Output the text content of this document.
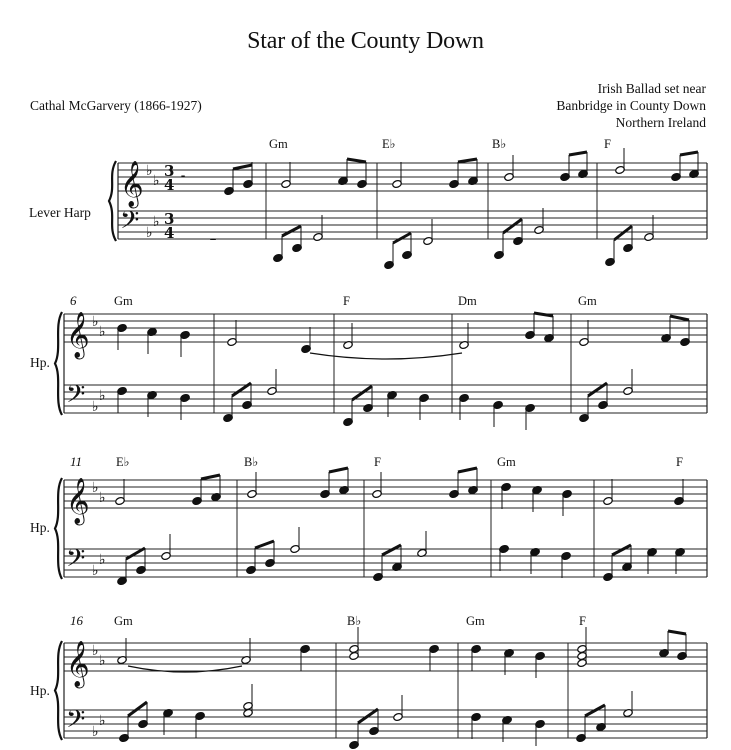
Star of the County Down
Cathal McGarvery (1866-1927)
Irish Ballad set near
Banbridge in County Down
Northern Ireland
Lever Harp
Hp.
Hp.
Hp.
𝄞
𝄢
♭
♭
♭
♭
3
4
3
4
Gm	E♭	B♭	F
𝄞
𝄢
♭
♭
♭
♭
Gm	F	Dm	Gm
6
𝄞
𝄢
♭
♭
♭
♭
E♭	B♭	F	Gm	F
11
𝄞
𝄢
♭
♭
♭
♭
Gm	B♭	Gm	F
16
𝄼
𝄼
